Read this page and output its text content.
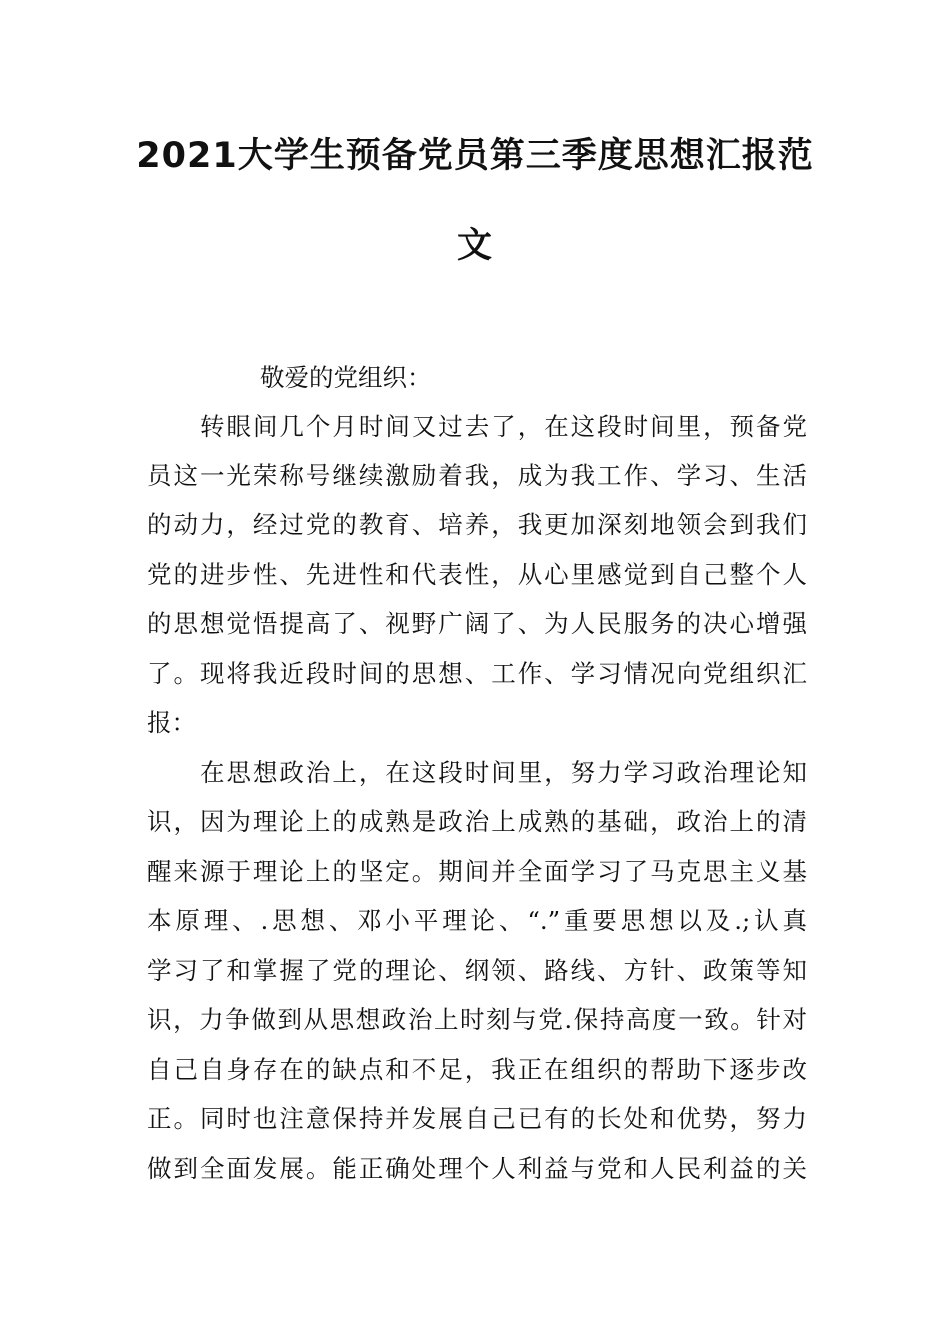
2021大学生预备党员第三季度思想汇报范
文
敬爱的党组织：
转眼间几个月时间又过去了，在这段时间里，预备党
员这一光荣称号继续激励着我，成为我工作、学习、生活
的动力，经过党的教育、培养，我更加深刻地领会到我们
党的进步性、先进性和代表性，从心里感觉到自己整个人
的思想觉悟提高了、视野广阔了、为人民服务的决心增强
了。现将我近段时间的思想、工作、学习情况向党组织汇
报：
在思想政治上，在这段时间里，努力学习政治理论知
识，因为理论上的成熟是政治上成熟的基础，政治上的清
醒来源于理论上的坚定。期间并全面学习了马克思主义基
本原理、.思想、邓小平理论、“.”重要思想以及.;认真
学习了和掌握了党的理论、纲领、路线、方针、政策等知
识，力争做到从思想政治上时刻与党.保持高度一致。针对
自己自身存在的缺点和不足，我正在组织的帮助下逐步改
正。同时也注意保持并发展自己已有的长处和优势，努力
做到全面发展。能正确处理个人利益与党和人民利益的关
